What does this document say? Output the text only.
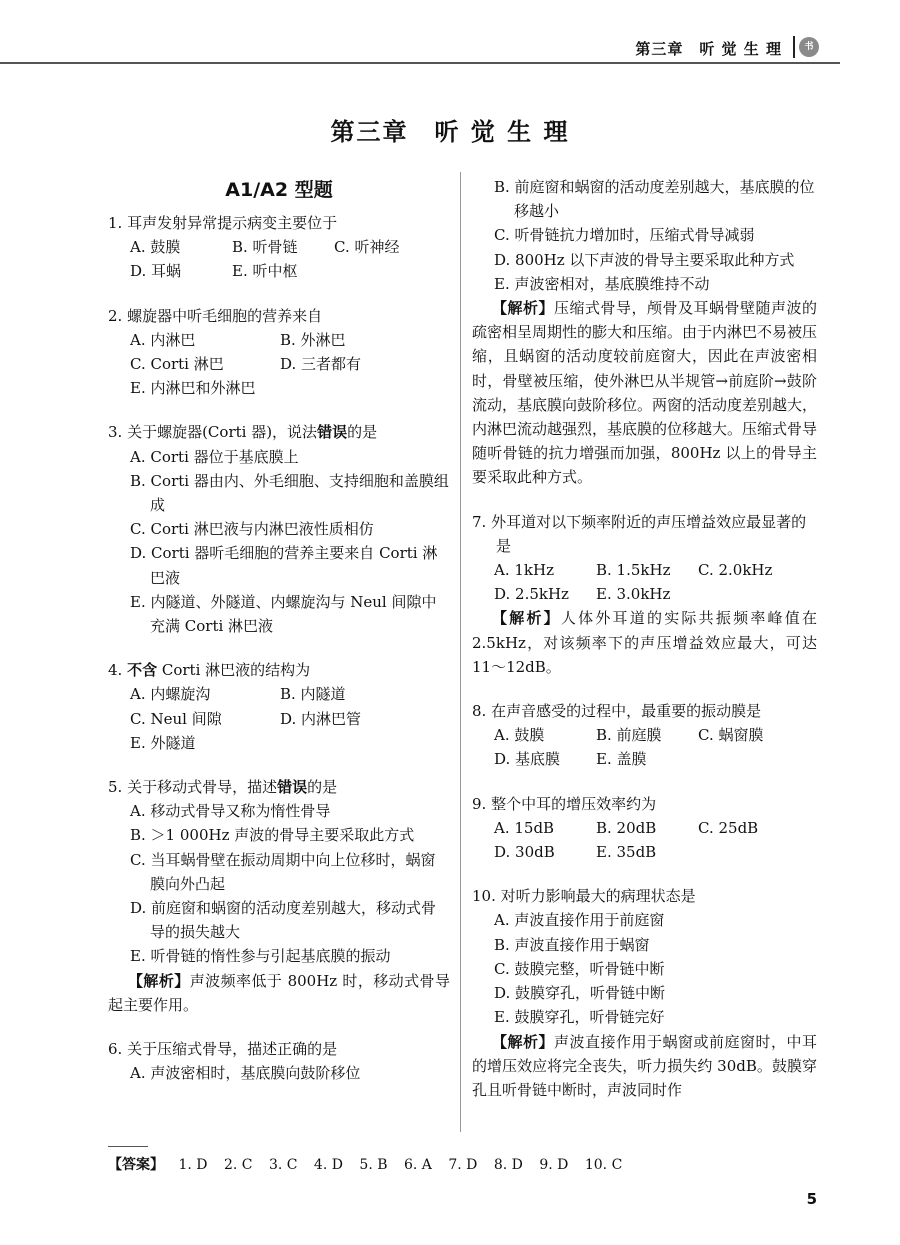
第三章　听 觉 生 理	书
第三章　听 觉 生 理
A1/A2 型题
1. 耳声发射异常提示病变主要位于
A. 鼓膜	B. 听骨链	C. 听神经
D. 耳蜗	E. 听中枢
2. 螺旋器中听毛细胞的营养来自
A. 内淋巴	B. 外淋巴
C. Corti 淋巴	D. 三者都有
E. 内淋巴和外淋巴
3. 关于螺旋器(Corti 器)，说法错误的是
A. Corti 器位于基底膜上
B. Corti 器由内、外毛细胞、支持细胞和盖膜组成
C. Corti 淋巴液与内淋巴液性质相仿
D. Corti 器听毛细胞的营养主要来自 Corti 淋巴液
E. 内隧道、外隧道、内螺旋沟与 Neul 间隙中充满 Corti 淋巴液
4. 不含 Corti 淋巴液的结构为
A. 内螺旋沟	B. 内隧道
C. Neul 间隙	D. 内淋巴管
E. 外隧道
5. 关于移动式骨导，描述错误的是
A. 移动式骨导又称为惰性骨导
B. ＞1 000Hz 声波的骨导主要采取此方式
C. 当耳蜗骨壁在振动周期中向上位移时，蜗窗膜向外凸起
D. 前庭窗和蜗窗的活动度差别越大，移动式骨导的损失越大
E. 听骨链的惰性参与引起基底膜的振动
【解析】声波频率低于 800Hz 时，移动式骨导起主要作用。
6. 关于压缩式骨导，描述正确的是
A. 声波密相时，基底膜向鼓阶移位
B. 前庭窗和蜗窗的活动度差别越大，基底膜的位移越小
C. 听骨链抗力增加时，压缩式骨导减弱
D. 800Hz 以下声波的骨导主要采取此种方式
E. 声波密相对，基底膜维持不动
【解析】压缩式骨导，颅骨及耳蜗骨壁随声波的疏密相呈周期性的膨大和压缩。由于内淋巴不易被压缩，且蜗窗的活动度较前庭窗大，因此在声波密相时，骨壁被压缩，使外淋巴从半规管→前庭阶→鼓阶流动，基底膜向鼓阶移位。两窗的活动度差别越大，内淋巴流动越强烈，基底膜的位移越大。压缩式骨导随听骨链的抗力增强而加强，800Hz 以上的骨导主要采取此种方式。
7. 外耳道对以下频率附近的声压增益效应最显著的是
A. 1kHz	B. 1.5kHz	C. 2.0kHz
D. 2.5kHz	E. 3.0kHz
【解析】人体外耳道的实际共振频率峰值在 2.5kHz，对该频率下的声压增益效应最大，可达 11～12dB。
8. 在声音感受的过程中，最重要的振动膜是
A. 鼓膜	B. 前庭膜	C. 蜗窗膜
D. 基底膜	E. 盖膜
9. 整个中耳的增压效率约为
A. 15dB	B. 20dB	C. 25dB
D. 30dB	E. 35dB
10. 对听力影响最大的病理状态是
A. 声波直接作用于前庭窗
B. 声波直接作用于蜗窗
C. 鼓膜完整，听骨链中断
D. 鼓膜穿孔，听骨链中断
E. 鼓膜穿孔，听骨链完好
【解析】声波直接作用于蜗窗或前庭窗时，中耳的增压效应将完全丧失，听力损失约 30dB。鼓膜穿孔且听骨链中断时，声波同时作
【答案】 1. D 2. C 3. C 4. D 5. B 6. A 7. D 8. D 9. D 10. C
5
